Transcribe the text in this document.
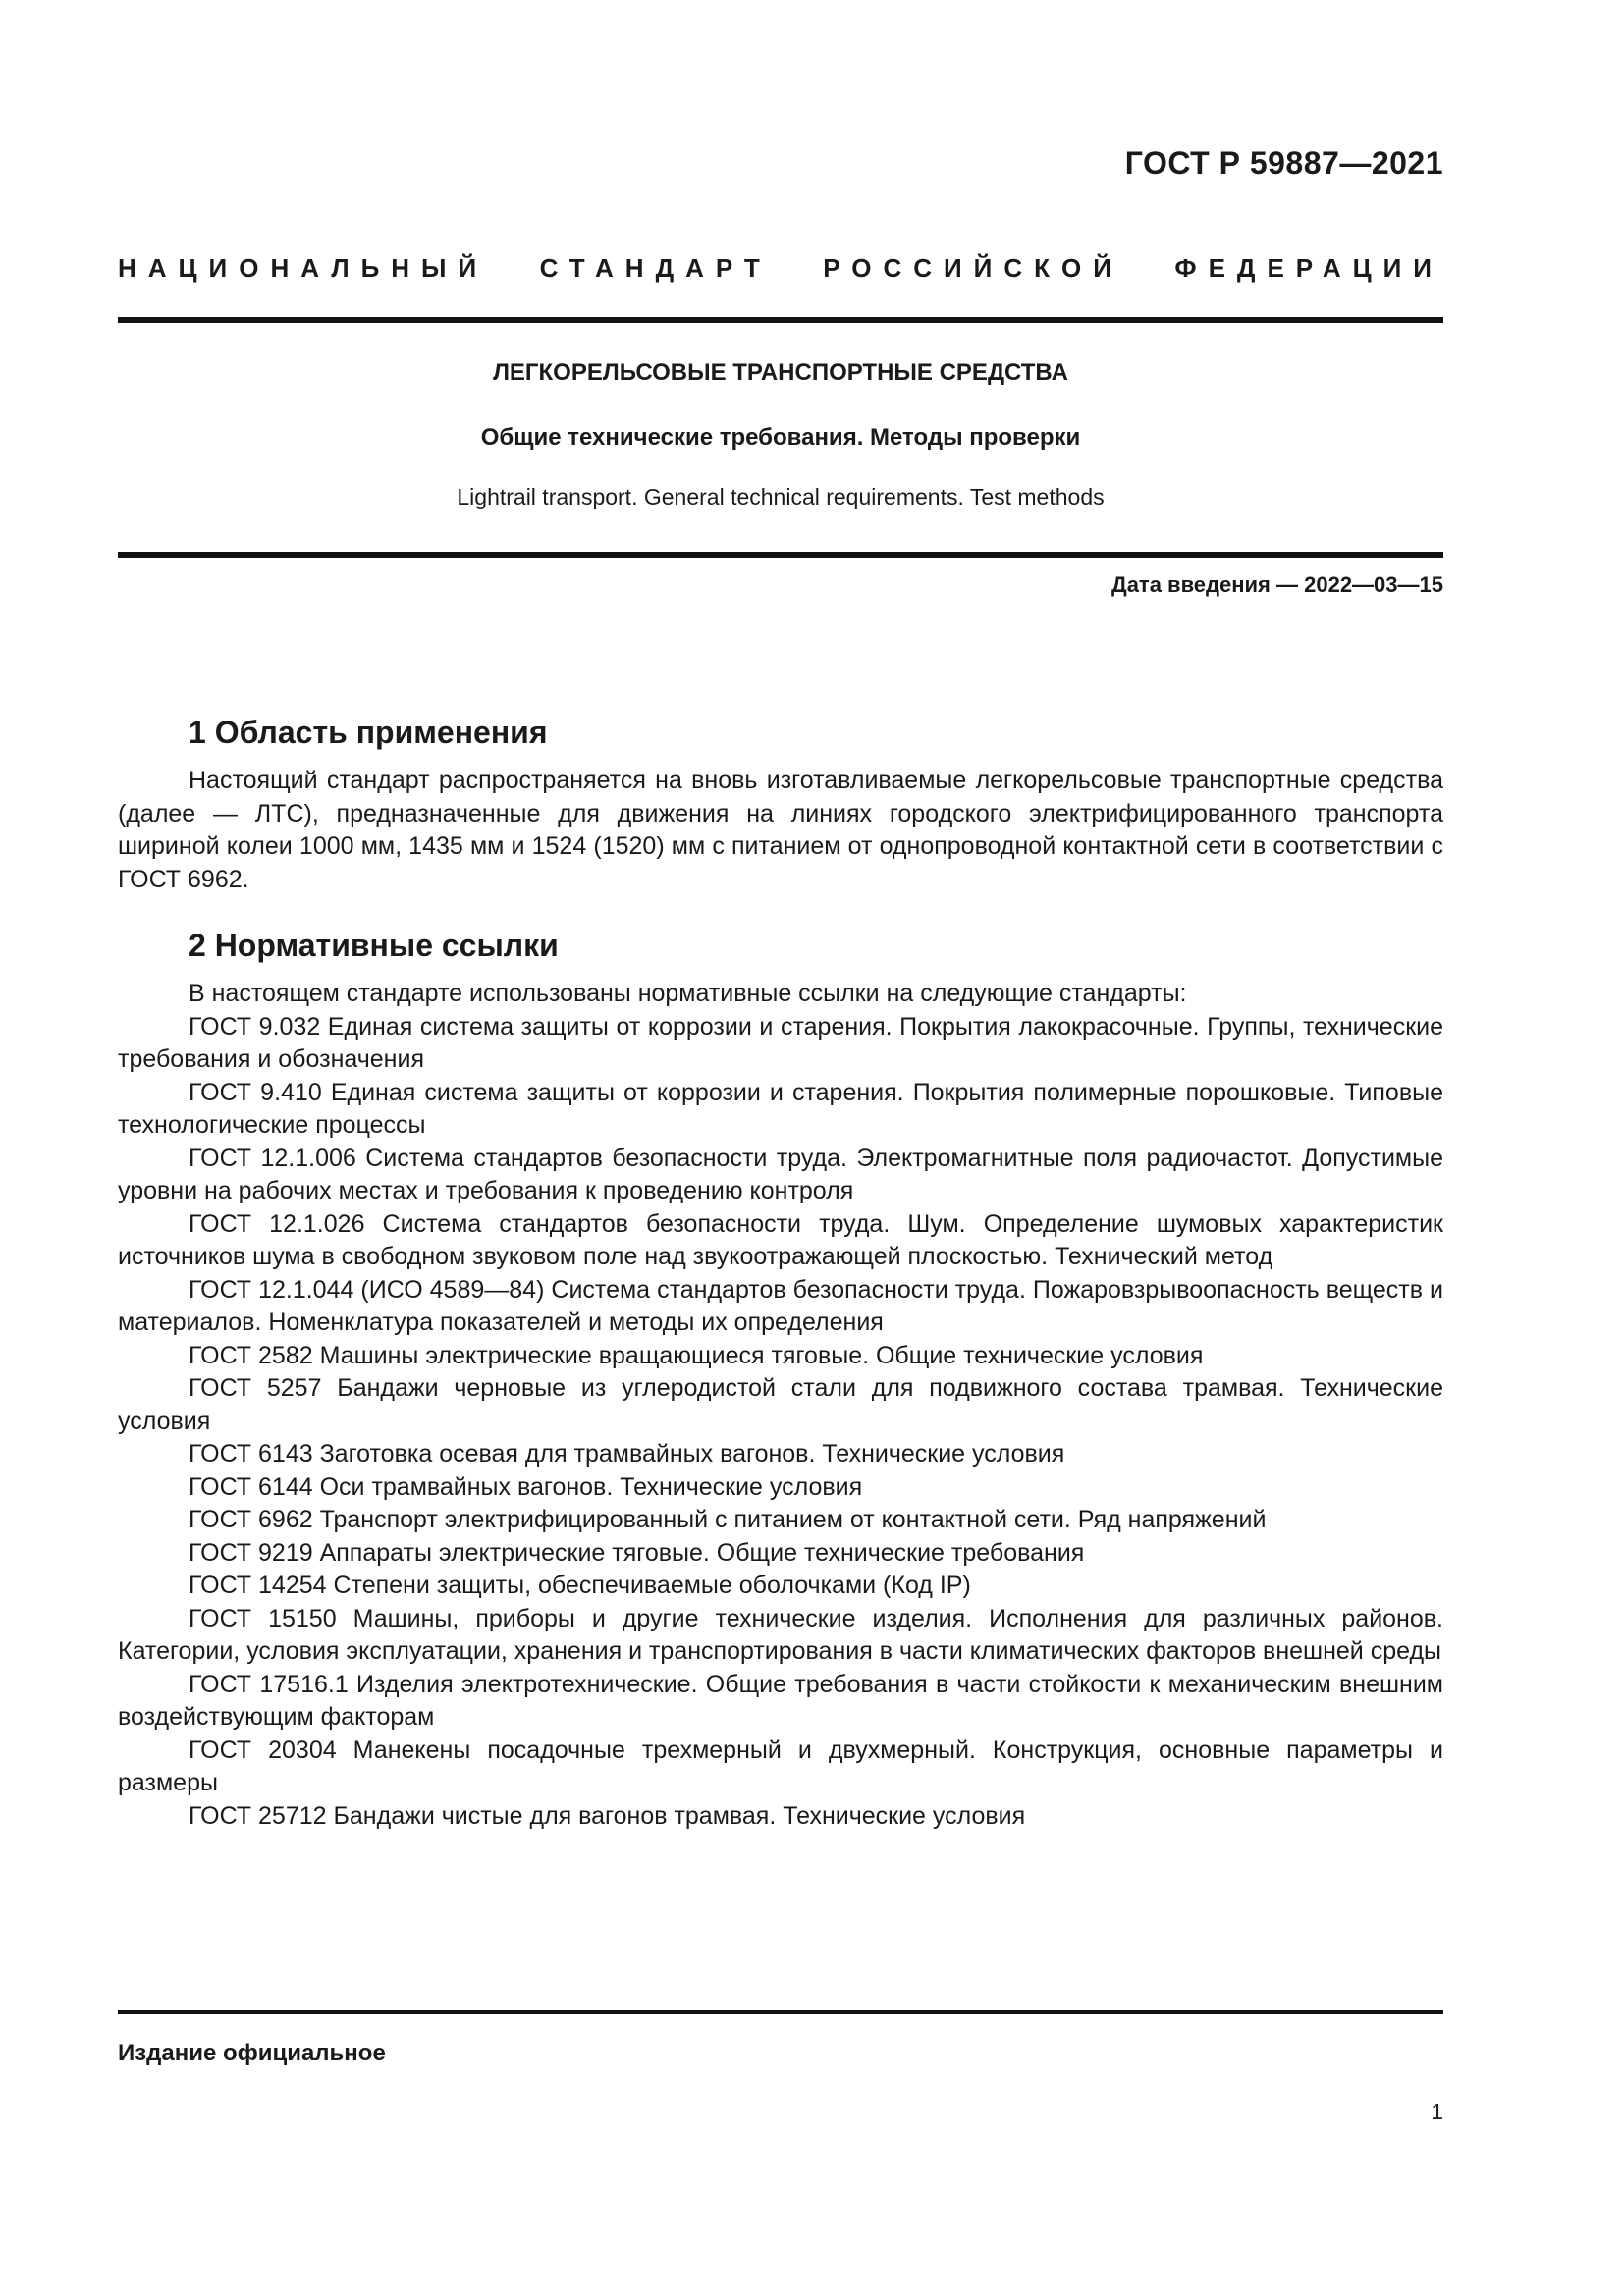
ГОСТ Р 59887—2021
НАЦИОНАЛЬНЫЙ СТАНДАРТ РОССИЙСКОЙ ФЕДЕРАЦИИ
ЛЕГКОРЕЛЬСОВЫЕ ТРАНСПОРТНЫЕ СРЕДСТВА
Общие технические требования. Методы проверки
Lightrail transport. General technical requirements. Test methods
Дата введения — 2022—03—15
1 Область применения

Настоящий стандарт распространяется на вновь изготавливаемые легкорельсовые транспортные средства (далее — ЛТС), предназначенные для движения на линиях городского электрифицированного транспорта шириной колеи 1000 мм, 1435 мм и 1524 (1520) мм с питанием от однопроводной контактной сети в соответствии с ГОСТ 6962.

2 Нормативные ссылки

В настоящем стандарте использованы нормативные ссылки на следующие стандарты:

ГОСТ 9.032 Единая система защиты от коррозии и старения. Покрытия лакокрасочные. Группы, технические требования и обозначения

ГОСТ 9.410 Единая система защиты от коррозии и старения. Покрытия полимерные порошковые. Типовые технологические процессы

ГОСТ 12.1.006 Система стандартов безопасности труда. Электромагнитные поля радиочастот. Допустимые уровни на рабочих местах и требования к проведению контроля

ГОСТ 12.1.026 Система стандартов безопасности труда. Шум. Определение шумовых характеристик источников шума в свободном звуковом поле над звукоотражающей плоскостью. Технический метод

ГОСТ 12.1.044 (ИСО 4589—84) Система стандартов безопасности труда. Пожаровзрывоопасность веществ и материалов. Номенклатура показателей и методы их определения

ГОСТ 2582 Машины электрические вращающиеся тяговые. Общие технические условия

ГОСТ 5257 Бандажи черновые из углеродистой стали для подвижного состава трамвая. Технические условия

ГОСТ 6143 Заготовка осевая для трамвайных вагонов. Технические условия

ГОСТ 6144 Оси трамвайных вагонов. Технические условия

ГОСТ 6962 Транспорт электрифицированный с питанием от контактной сети. Ряд напряжений

ГОСТ 9219 Аппараты электрические тяговые. Общие технические требования

ГОСТ 14254 Степени защиты, обеспечиваемые оболочками (Код IP)

ГОСТ 15150 Машины, приборы и другие технические изделия. Исполнения для различных районов. Категории, условия эксплуатации, хранения и транспортирования в части климатических факторов внешней среды

ГОСТ 17516.1 Изделия электротехнические. Общие требования в части стойкости к механическим внешним воздействующим факторам

ГОСТ 20304 Манекены посадочные трехмерный и двухмерный. Конструкция, основные параметры и размеры

ГОСТ 25712 Бандажи чистые для вагонов трамвая. Технические условия

Издание официальное
1
